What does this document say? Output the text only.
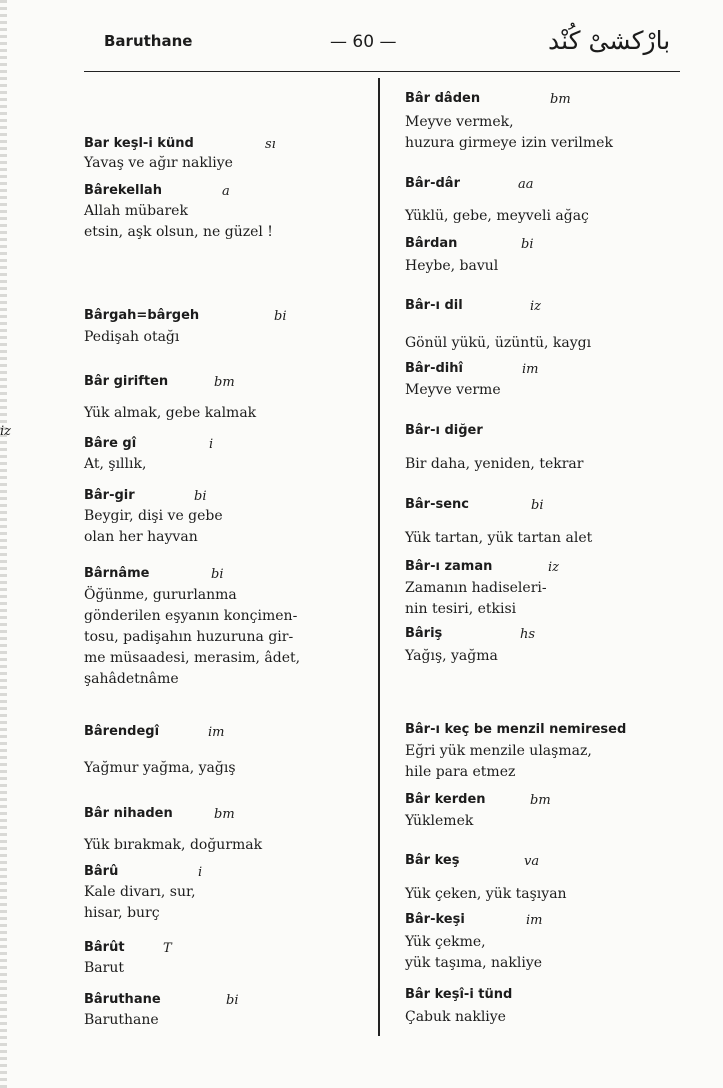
Baruthane	— 60 —	بارْكشىْ كُنْد
Bar keşl-i künd	sı
Yavaş ve ağır nakliye
Bârekellah	a
Allah mübarek
etsin, aşk olsun, ne güzel !
Bârgah=bârgeh	bi
Pedişah otağı
Bâr giriften	bm
Yük almak, gebe kalmak
Bâre gî	i
At, şıllık,
Bâr-gir	bi
Beygir, dişi ve gebe
olan her hayvan
Bârnâme	bi
Öğünme, gururlanma
gönderilen eşyanın konçimen-
tosu, padişahın huzuruna gir-
me müsaadesi, merasim, âdet,
şahâdetnâme
Bârendegî	im
Yağmur yağma, yağış
Bâr nihaden	bm
Yük bırakmak, doğurmak
Bârû	i
Kale divarı, sur,
hisar, burç
Bârût	T
Barut
Bâruthane	bi
Baruthane
Bâr dâden	bm
Meyve vermek,
huzura girmeye izin verilmek
Bâr-dâr	aa
Yüklü, gebe, meyveli ağaç
Bârdan	bi
Heybe, bavul
Bâr-ı dil	iz
Gönül yükü, üzüntü, kaygı
Bâr-dihî	im
Meyve verme
Bâr-ı diğer
iz
Bir daha, yeniden, tekrar
Bâr-senc	bi
Yük tartan, yük tartan alet
Bâr-ı zaman	iz
Zamanın hadiseleri-
nin tesiri, etkisi
Bâriş	hs
Yağış, yağma
Bâr-ı keç be menzil nemiresed
Eğri yük menzile ulaşmaz,
hile para etmez
Bâr kerden	bm
Yüklemek
Bâr keş	va
Yük çeken, yük taşıyan
Bâr-keşi	im
Yük çekme,
yük taşıma, nakliye
Bâr keşî-i tünd
Çabuk nakliye
